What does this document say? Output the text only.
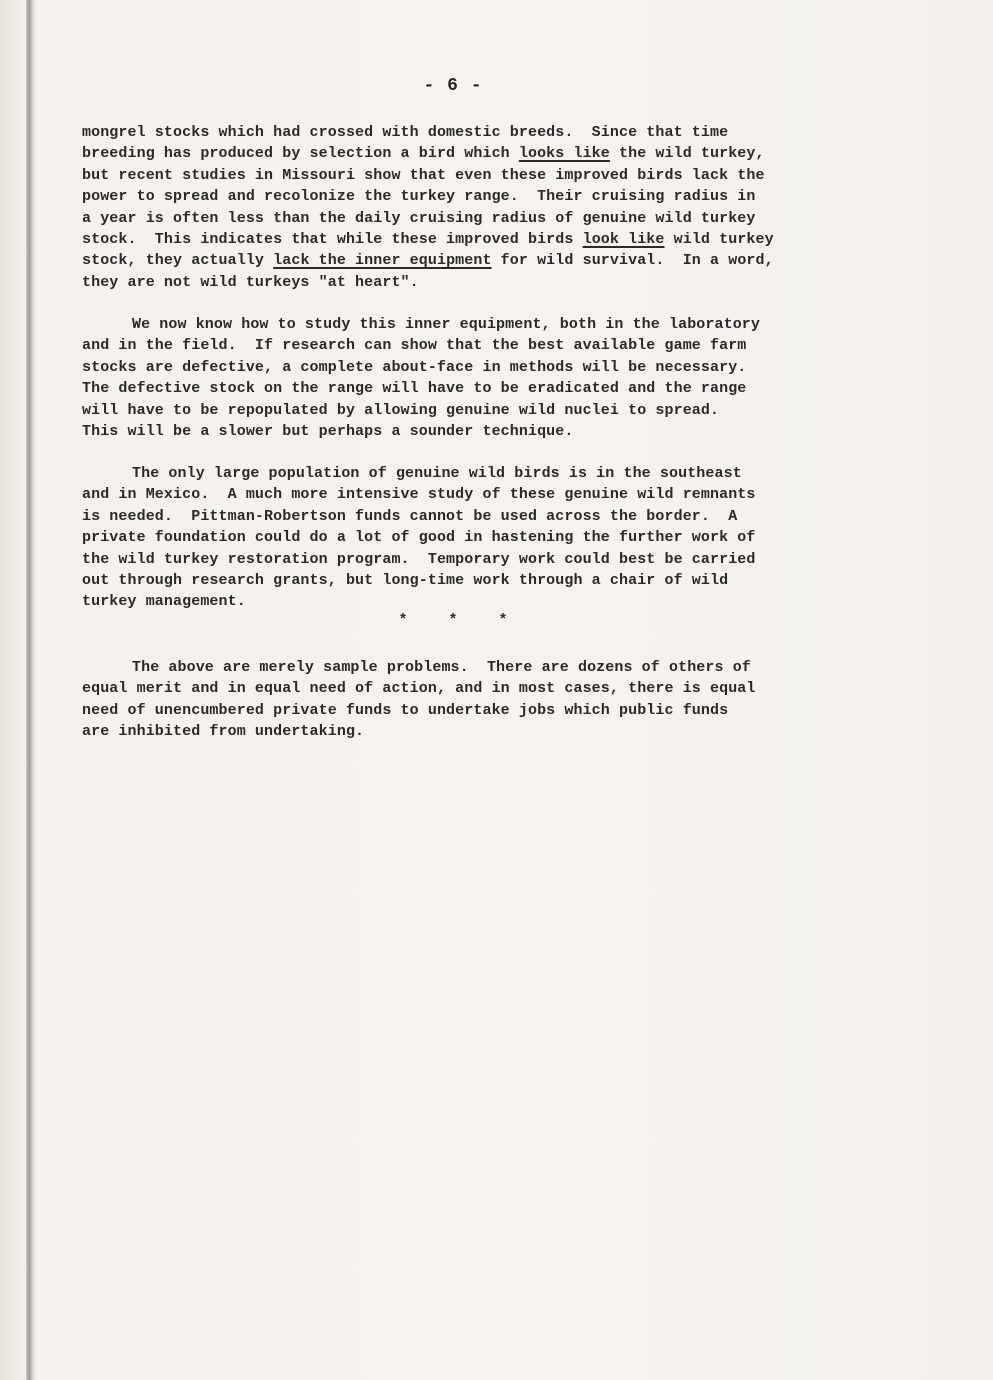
- 6 -
mongrel stocks which had crossed with domestic breeds.  Since that time
breeding has produced by selection a bird which looks like the wild turkey,
but recent studies in Missouri show that even these improved birds lack the
power to spread and recolonize the turkey range.  Their cruising radius in
a year is often less than the daily cruising radius of genuine wild turkey
stock.  This indicates that while these improved birds look like wild turkey
stock, they actually lack the inner equipment for wild survival.  In a word,
they are not wild turkeys "at heart".
We now know how to study this inner equipment, both in the laboratory
and in the field.  If research can show that the best available game farm
stocks are defective, a complete about-face in methods will be necessary.
The defective stock on the range will have to be eradicated and the range
will have to be repopulated by allowing genuine wild nuclei to spread.
This will be a slower but perhaps a sounder technique.
The only large population of genuine wild birds is in the southeast
and in Mexico.  A much more intensive study of these genuine wild remnants
is needed.  Pittman-Robertson funds cannot be used across the border.  A
private foundation could do a lot of good in hastening the further work of
the wild turkey restoration program.  Temporary work could best be carried
out through research grants, but long-time work through a chair of wild
turkey management.
* * *
The above are merely sample problems.  There are dozens of others of
equal merit and in equal need of action, and in most cases, there is equal
need of unencumbered private funds to undertake jobs which public funds
are inhibited from undertaking.
